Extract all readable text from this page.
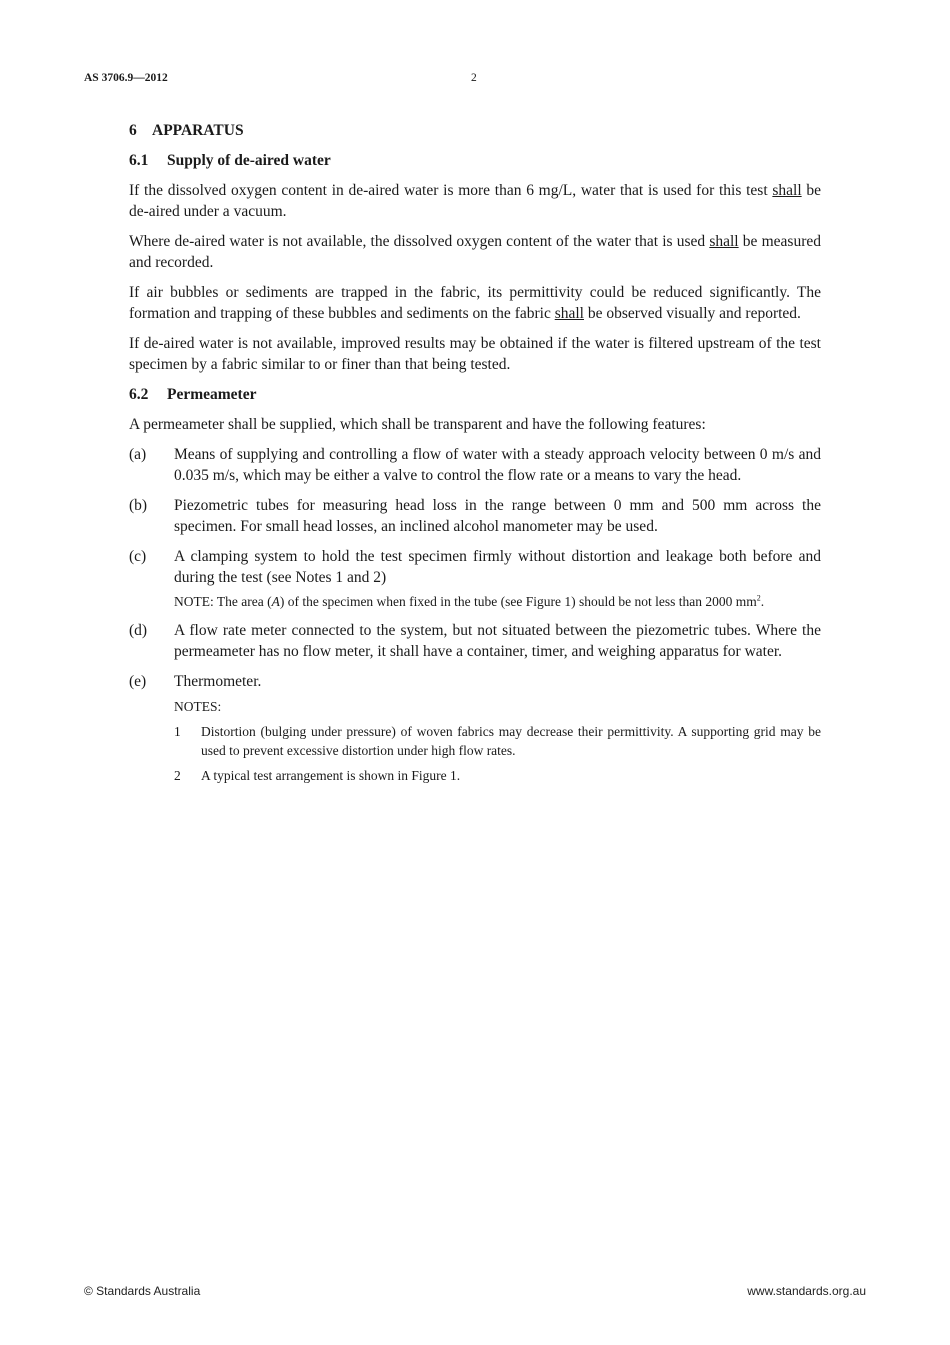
AS 3706.9—2012	2
6 APPARATUS
6.1 Supply of de-aired water

If the dissolved oxygen content in de-aired water is more than 6 mg/L, water that is used for this test shall be de-aired under a vacuum.

Where de-aired water is not available, the dissolved oxygen content of the water that is used shall be measured and recorded.

If air bubbles or sediments are trapped in the fabric, its permittivity could be reduced significantly. The formation and trapping of these bubbles and sediments on the fabric shall be observed visually and reported.

If de-aired water is not available, improved results may be obtained if the water is filtered upstream of the test specimen by a fabric similar to or finer than that being tested.

6.2 Permeameter

A permeameter shall be supplied, which shall be transparent and have the following features:

(a) Means of supplying and controlling a flow of water with a steady approach velocity between 0 m/s and 0.035 m/s, which may be either a valve to control the flow rate or a means to vary the head.
(b) Piezometric tubes for measuring head loss in the range between 0 mm and 500 mm across the specimen. For small head losses, an inclined alcohol manometer may be used.
(c) A clamping system to hold the test specimen firmly without distortion and leakage both before and during the test (see Notes 1 and 2)
NOTE: The area (A) of the specimen when fixed in the tube (see Figure 1) should be not less than 2000 $mm^2$.
(d) A flow rate meter connected to the system, but not situated between the piezometric tubes. Where the permeameter has no flow meter, it shall have a container, timer, and weighing apparatus for water.
(e) Thermometer.
NOTES:
1 Distortion (bulging under pressure) of woven fabrics may decrease their permittivity. A supporting grid may be used to prevent excessive distortion under high flow rates.
2 A typical test arrangement is shown in Figure 1.
© Standards Australia	www.standards.org.au
